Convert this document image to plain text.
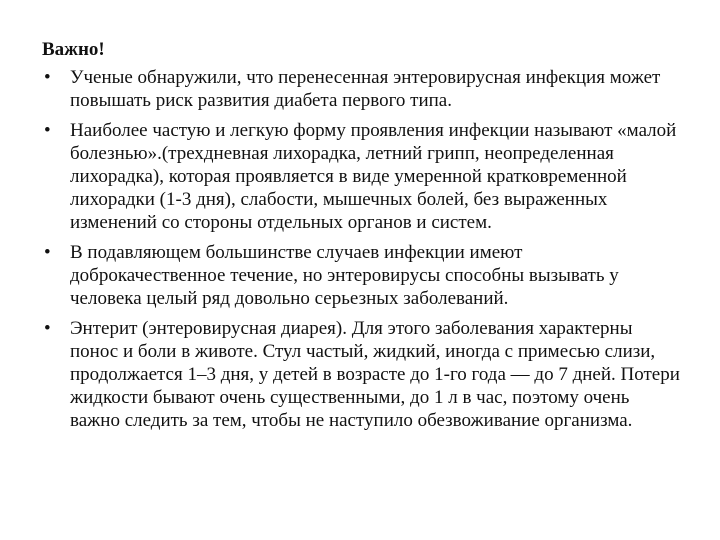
Важно!
• Ученые обнаружили, что перенесенная энтеровирусная инфекция может повышать риск развития диабета первого типа.
• Наиболее частую и легкую форму проявления инфекции называют «малой болезнью».(трехдневная лихорадка, летний грипп, неопределенная лихорадка), которая проявляется в виде умеренной кратковременной лихорадки (1-3 дня), слабости, мышечных болей, без выраженных изменений со стороны отдельных органов и систем.
• В подавляющем большинстве случаев инфекции имеют доброкачественное течение, но энтеровирусы способны вызывать у человека целый ряд довольно серьезных заболеваний.
• Энтерит (энтеровирусная диарея). Для этого заболевания характерны понос и боли в животе. Стул частый, жидкий, иногда с примесью слизи, продолжается 1–3 дня, у детей в возрасте до 1-го года — до 7 дней. Потери жидкости бывают очень существенными, до 1 л в час, поэтому очень важно следить за тем, чтобы не наступило обезвоживание организма.
